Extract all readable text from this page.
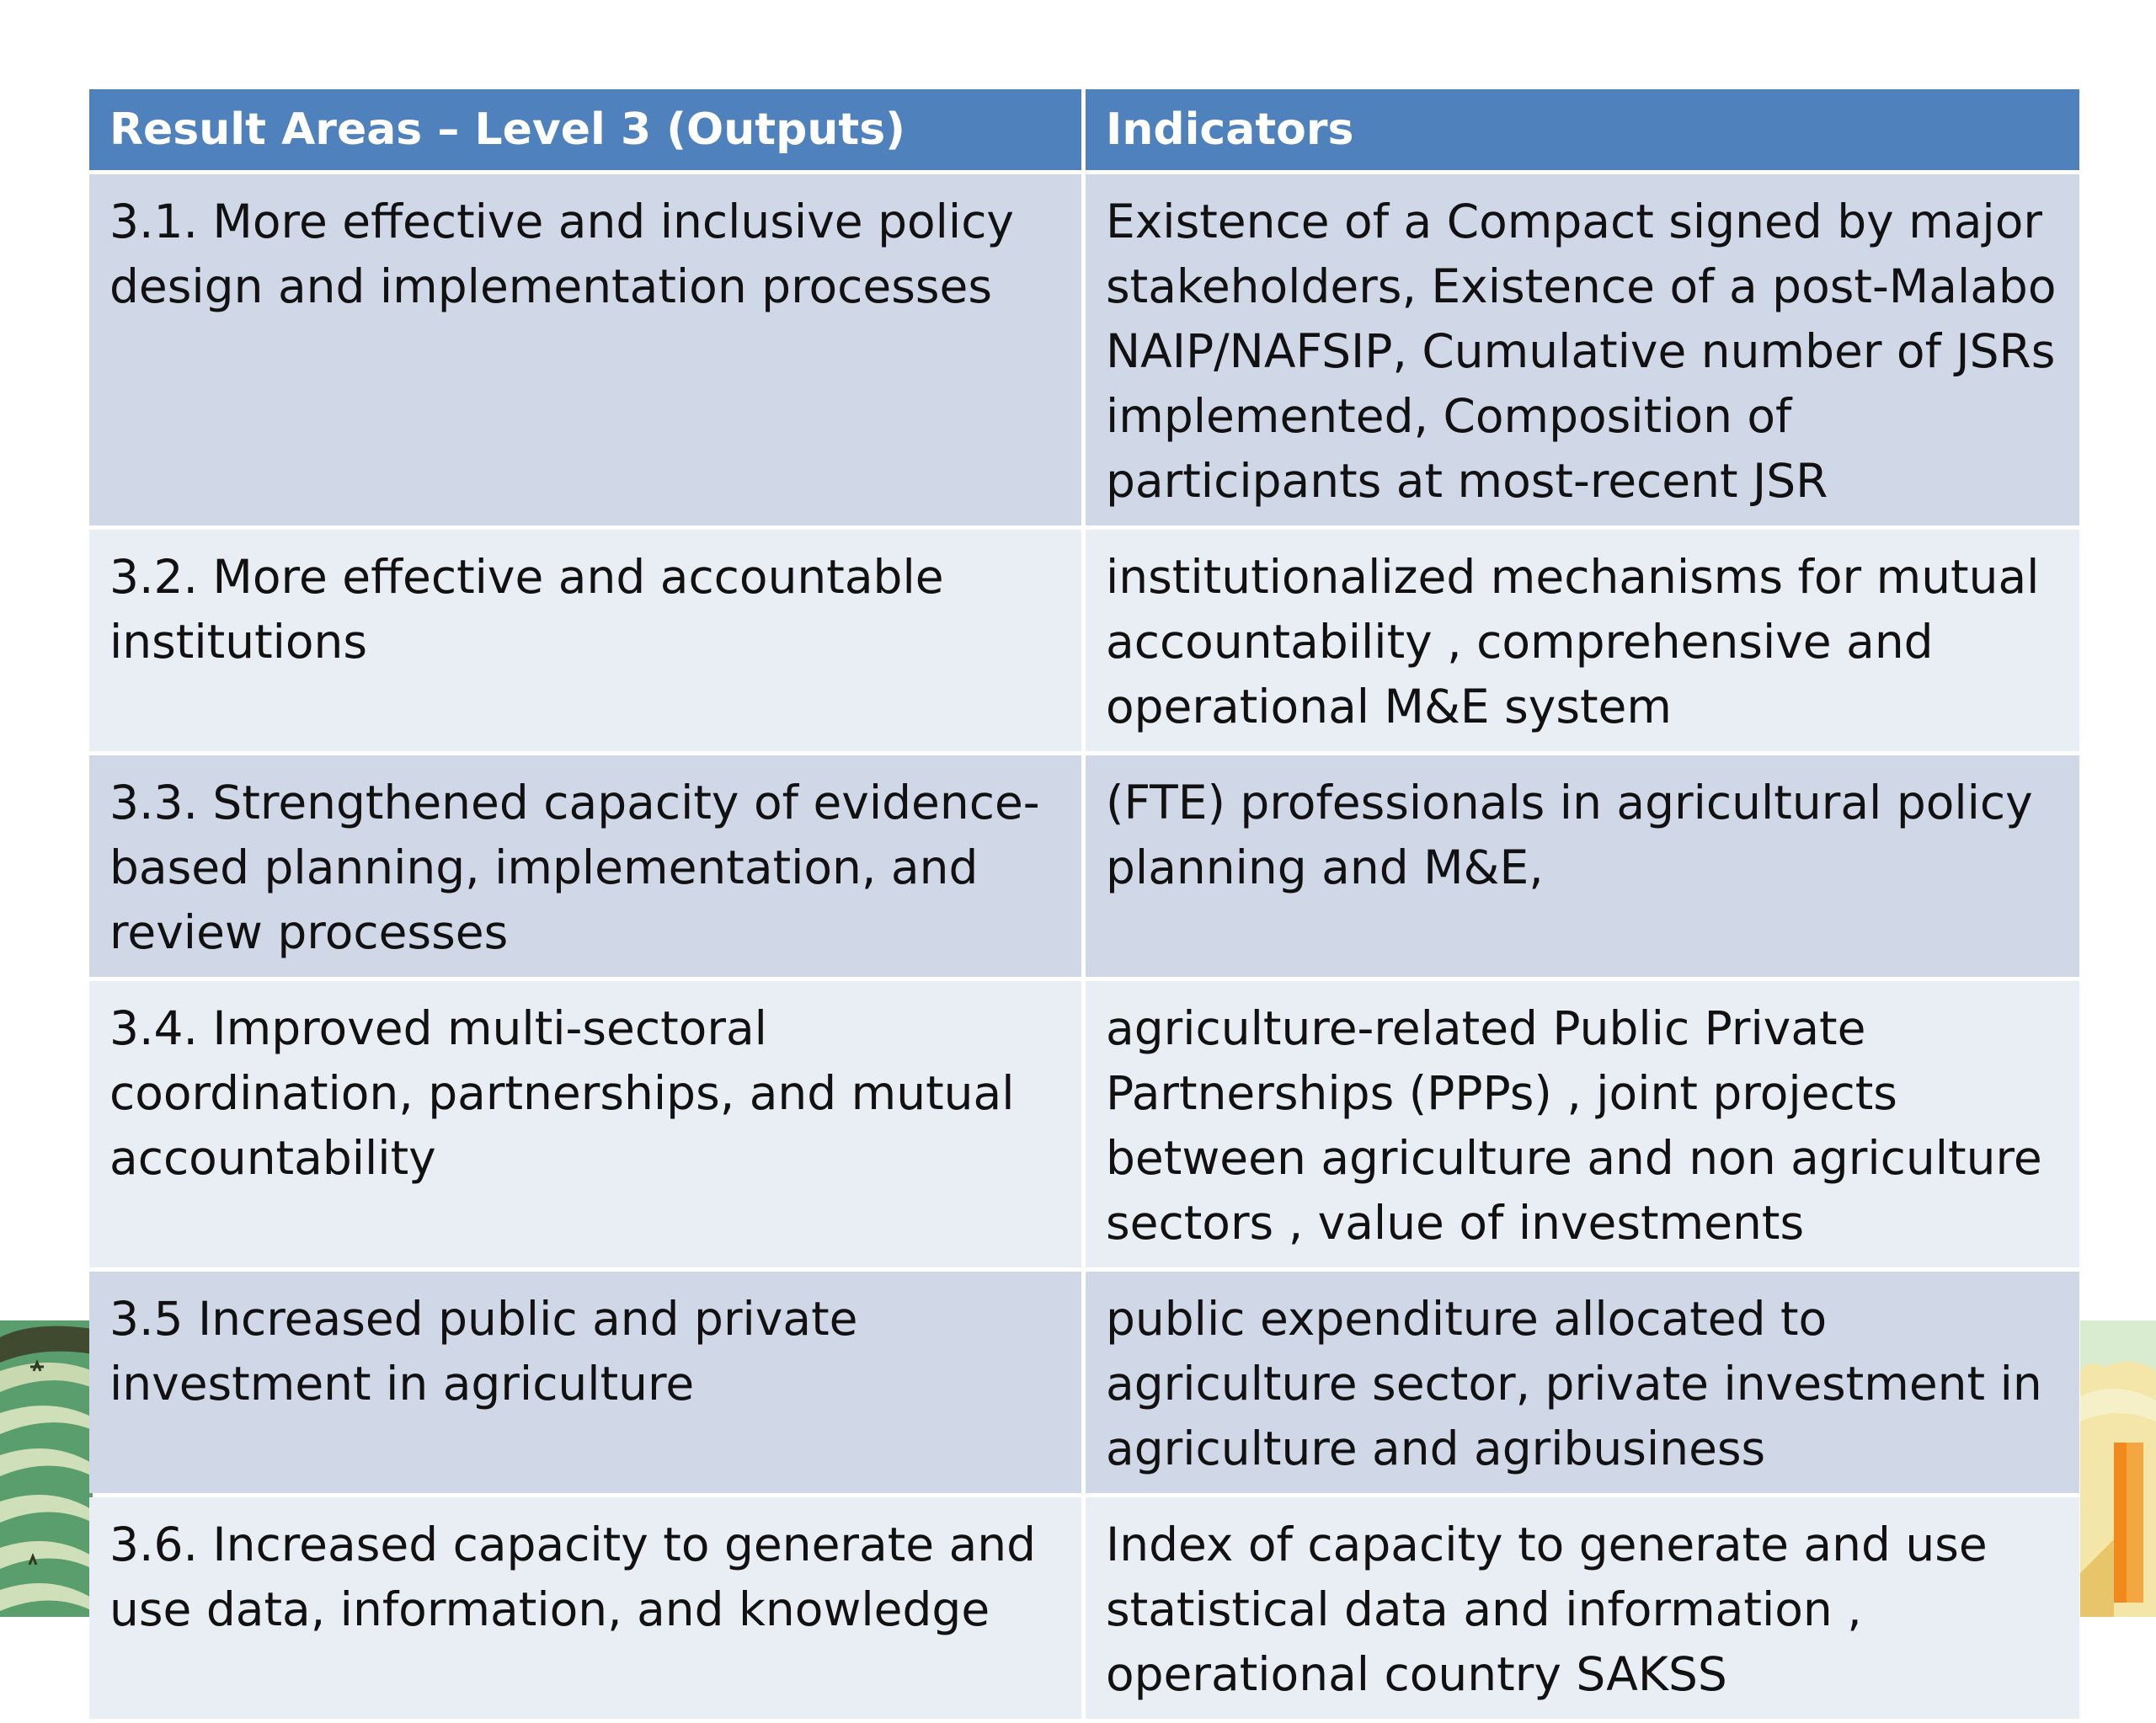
Result Areas – Level 3 (Outputs)	Indicators
3.1. More effective and inclusive policy design and implementation processes	Existence of a Compact signed by major stakeholders, Existence of a post-Malabo NAIP/NAFSIP, Cumulative number of JSRs implemented, Composition of participants at most-recent JSR
3.2. More effective and accountable institutions	institutionalized mechanisms for mutual accountability , comprehensive and operational M&E system
3.3. Strengthened capacity of evidence-based planning, implementation, and review processes	(FTE) professionals in agricultural policy planning and M&E,
3.4. Improved multi-sectoral coordination, partnerships, and mutual accountability	agriculture-related Public Private Partnerships (PPPs) , joint projects between agriculture and non agriculture sectors , value of investments
3.5 Increased public and private investment in agriculture	public expenditure allocated to agriculture sector, private investment in agriculture and agribusiness
3.6. Increased capacity to generate and use data, information, and knowledge	Index of capacity to generate and use statistical data and information , operational country SAKSS
